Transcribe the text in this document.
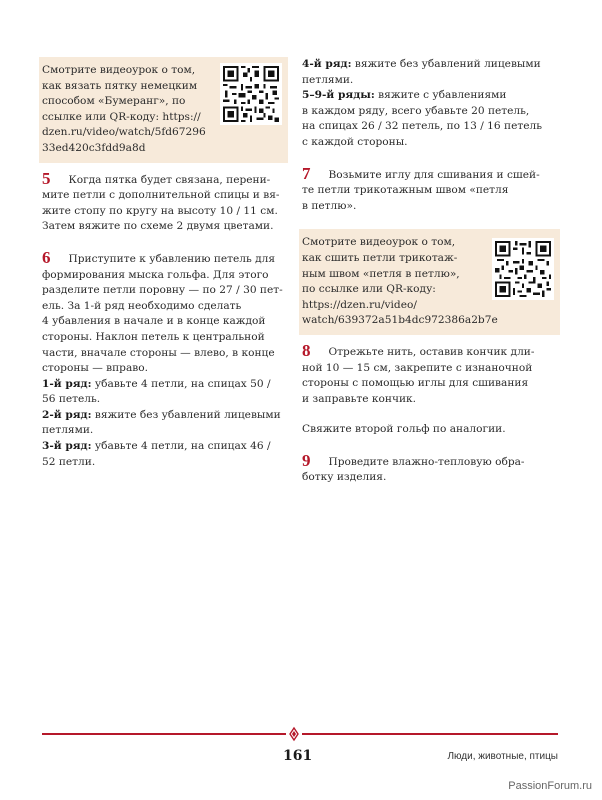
Смотрите видеоурок о том,
как вязать пятку немецким
способом «Бумеранг», по
ссылке или QR-коду: https://
dzen.ru/video/watch/5fd67296
33ed420c3fdd9a8d
5 Когда пятка будет связана, перени-
мите петли с дополнительной спицы и вя-
жите стопу по кругу на высоту 10 / 11 см.
Затем вяжите по схеме 2 двумя цветами.
6 Приступите к убавлению петель для
формирования мыска гольфа. Для этого
разделите петли поровну — по 27 / 30 пет-
ель. За 1-й ряд необходимо сделать
4 убавления в начале и в конце каждой
стороны. Наклон петель к центральной
части, вначале стороны — влево, в конце
стороны — вправо.
1-й ряд: убавьте 4 петли, на спицах 50 /
56 петель.
2-й ряд: вяжите без убавлений лицевыми
петлями.
3-й ряд: убавьте 4 петли, на спицах 46 /
52 петли.
4-й ряд: вяжите без убавлений лицевыми
петлями.
5–9-й ряды: вяжите с убавлениями
в каждом ряду, всего убавьте 20 петель,
на спицах 26 / 32 петель, по 13 / 16 петель
с каждой стороны.
7 Возьмите иглу для сшивания и сшей-
те петли трикотажным швом «петля
в петлю».
Смотрите видеоурок о том,
как сшить петли трикотаж-
ным швом «петля в петлю»,
по ссылке или QR-коду:
https://dzen.ru/video/
watch/639372a51b4dc972386a2b7e
8 Отрежьте нить, оставив кончик дли-
ной 10 — 15 см, закрепите с изнаночной
стороны с помощью иглы для сшивания
и заправьте кончик.
Свяжите второй гольф по аналогии.
9 Проведите влажно-тепловую обра-
ботку изделия.
161	Люди, животные, птицы
PassionForum.ru
